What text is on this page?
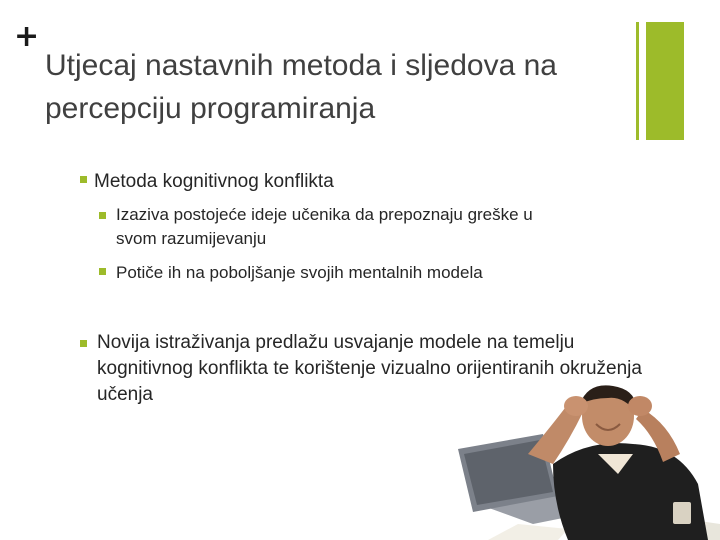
+
Utjecaj nastavnih metoda i sljedova na percepciju programiranja
Metoda kognitivnog konflikta
Izaziva postojeće ideje učenika da prepoznaju greške u svom razumijevanju
Potiče ih na poboljšanje svojih mentalnih modela
Novija istraživanja predlažu usvajanje modele na temelju kognitivnog konflikta te korištenje vizualno orijentiranih okruženja učenja
